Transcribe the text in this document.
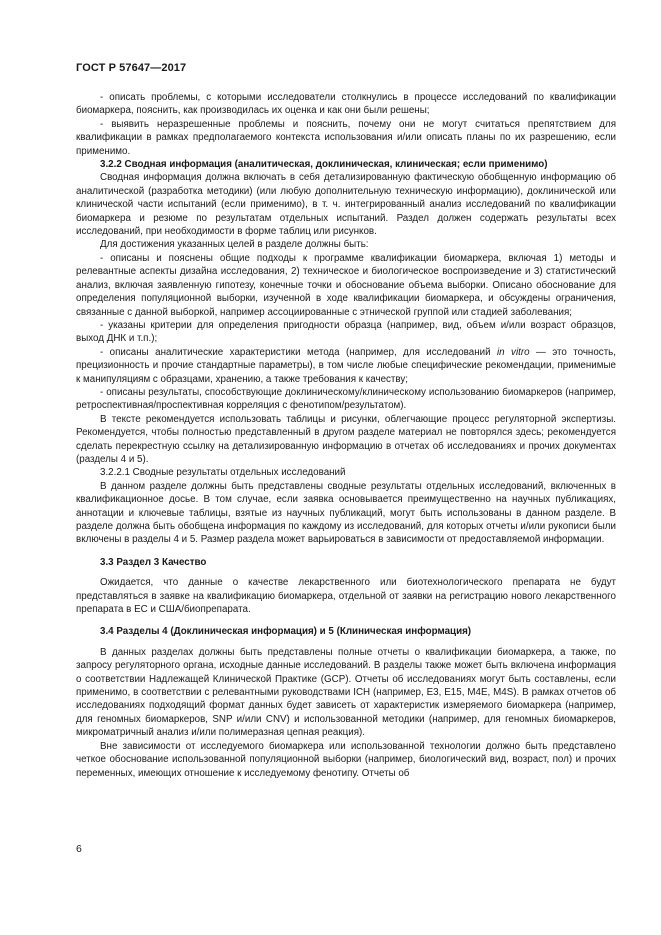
ГОСТ Р 57647—2017

- описать проблемы, с которыми исследователи столкнулись в процессе исследований по квалификации биомаркера, пояснить, как производилась их оценка и как они были решены;

- выявить неразрешенные проблемы и пояснить, почему они не могут считаться препятствием для квалификации в рамках предполагаемого контекста использования и/или описать планы по их разрешению, если применимо.

3.2.2 Сводная информация (аналитическая, доклиническая, клиническая; если применимо)

Сводная информация должна включать в себя детализированную фактическую обобщенную информацию об аналитической (разработка методики) (или любую дополнительную техническую информацию), доклинической или клинической части испытаний (если применимо), в т. ч. интегрированный анализ исследований по квалификации биомаркера и резюме по результатам отдельных испытаний. Раздел должен содержать результаты всех исследований, при необходимости в форме таблиц или рисунков.

Для достижения указанных целей в разделе должны быть:

- описаны и пояснены общие подходы к программе квалификации биомаркера, включая 1) методы и релевантные аспекты дизайна исследования, 2) техническое и биологическое воспроизведение и 3) статистический анализ, включая заявленную гипотезу, конечные точки и обоснование объема выборки. Описано обоснование для определения популяционной выборки, изученной в ходе квалификации биомаркера, и обсуждены ограничения, связанные с данной выборкой, например ассоциированные с этнической группой или стадией заболевания;

- указаны критерии для определения пригодности образца (например, вид, объем и/или возраст образцов, выход ДНК и т.п.);

- описаны аналитические характеристики метода (например, для исследований in vitro — это точность, прецизионность и прочие стандартные параметры), в том числе любые специфические рекомендации, применимые к манипуляциям с образцами, хранению, а также требования к качеству;

- описаны результаты, способствующие доклиническому/клиническому использованию биомаркеров (например, ретроспективная/проспективная корреляция с фенотипом/результатом).

В тексте рекомендуется использовать таблицы и рисунки, облегчающие процесс регуляторной экспертизы. Рекомендуется, чтобы полностью представленный в другом разделе материал не повторялся здесь; рекомендуется сделать перекрестную ссылку на детализированную информацию в отчетах об исследованиях и прочих документах (разделы 4 и 5).

3.2.2.1 Сводные результаты отдельных исследований

В данном разделе должны быть представлены сводные результаты отдельных исследований, включенных в квалификационное досье. В том случае, если заявка основывается преимущественно на научных публикациях, аннотации и ключевые таблицы, взятые из научных публикаций, могут быть использованы в данном разделе. В разделе должна быть обобщена информация по каждому из исследований, для которых отчеты и/или рукописи были включены в разделы 4 и 5. Размер раздела может варьироваться в зависимости от предоставляемой информации.

3.3 Раздел 3 Качество

Ожидается, что данные о качестве лекарственного или биотехнологического препарата не будут представляться в заявке на квалификацию биомаркера, отдельной от заявки на регистрацию нового лекарственного препарата в ЕС и США/биопрепарата.

3.4 Разделы 4 (Доклиническая информация) и 5 (Клиническая информация)

В данных разделах должны быть представлены полные отчеты о квалификации биомаркера, а также, по запросу регуляторного органа, исходные данные исследований. В разделы также может быть включена информация о соответствии Надлежащей Клинической Практике (GCP). Отчеты об исследованиях могут быть составлены, если применимо, в соответствии с релевантными руководствами ICH (например, E3, E15, M4E, M4S). В рамках отчетов об исследованиях подходящий формат данных будет зависеть от характеристик измеряемого биомаркера (например, для геномных биомаркеров, SNP и/или CNV) и использованной методики (например, для геномных биомаркеров, микроматричный анализ и/или полимеразная цепная реакция).

Вне зависимости от исследуемого биомаркера или использованной технологии должно быть представлено четкое обоснование использованной популяционной выборки (например, биологический вид, возраст, пол) и прочих переменных, имеющих отношение к исследуемому фенотипу. Отчеты об

6
